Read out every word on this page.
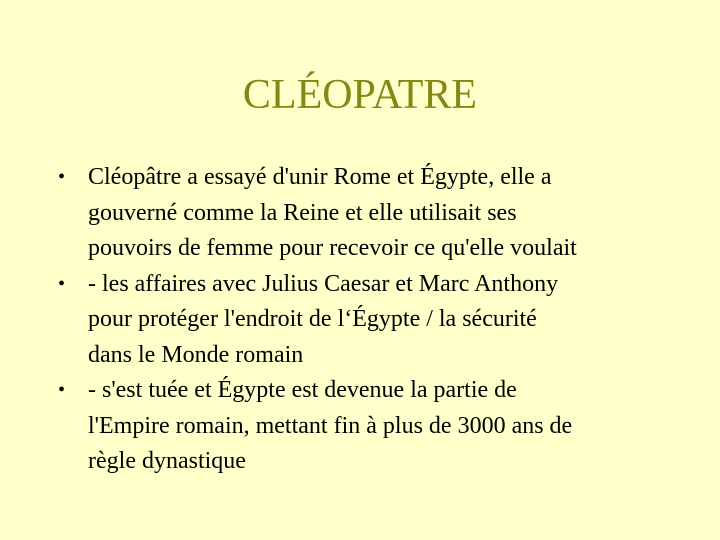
CLÉOPATRE
• Cléopâtre a essayé d'unir Rome et Égypte, elle a
gouverné comme la Reine et elle utilisait ses
pouvoirs de femme pour recevoir ce qu'elle voulait
• - les affaires avec Julius Caesar et Marc Anthony
pour protéger l'endroit de l‘Égypte / la sécurité
dans le Monde romain
• - s'est tuée et Égypte est devenue la partie de
l'Empire romain, mettant fin à plus de 3000 ans de
règle dynastique
